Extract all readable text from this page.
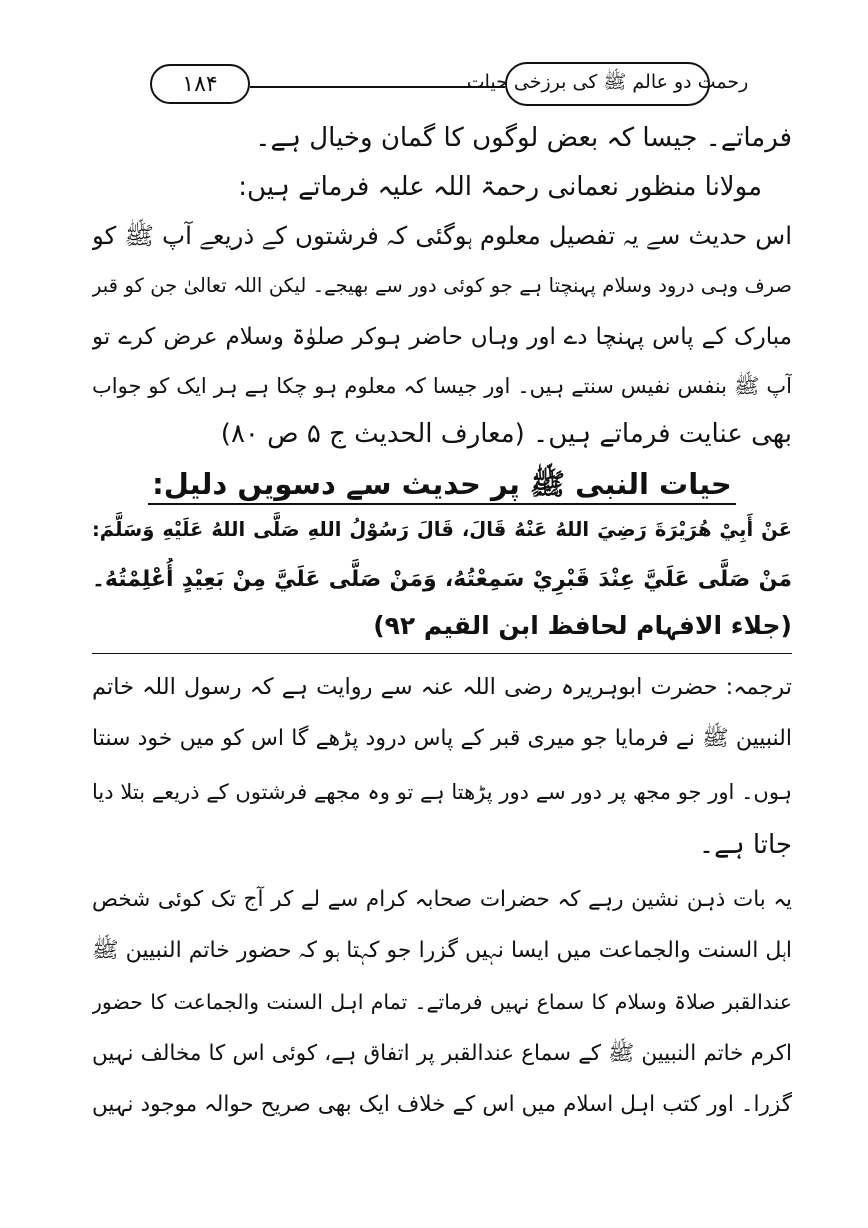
۱۸۴	رحمت دو عالم ﷺ کی برزخی حیات
فرماتے۔ جیسا کہ بعض لوگوں کا گمان وخیال ہے۔
مولانا منظور نعمانی رحمۃ اللہ علیہ فرماتے ہیں:
اس حدیث سے یہ تفصیل معلوم ہوگئی کہ فرشتوں کے ذریعے آپ ﷺ کو
صرف وہی درود وسلام پہنچتا ہے جو کوئی دور سے بھیجے۔ لیکن اللہ تعالیٰ جن کو قبر
مبارک کے پاس پہنچا دے اور وہاں حاضر ہوکر صلوٰۃ وسلام عرض کرے تو
آپ ﷺ بنفس نفیس سنتے ہیں۔ اور جیسا کہ معلوم ہو چکا ہے ہر ایک کو جواب
بھی عنایت فرماتے ہیں۔ (معارف الحدیث ج ۵ ص ۸۰)
حیات النبی ﷺ پر حدیث سے دسویں دلیل:
عَنْ أَبِيْ هُرَيْرَةَ رَضِيَ اللهُ عَنْهُ قَالَ، قَالَ رَسُوْلُ اللهِ صَلَّى اللهُ عَلَيْهِ وَسَلَّمَ:
مَنْ صَلَّى عَلَيَّ عِنْدَ قَبْرِيْ سَمِعْتُهُ، وَمَنْ صَلَّى عَلَيَّ مِنْ بَعِيْدٍ أُعْلِمْتُهُ۔
(جلاء الافہام لحافظ ابن القیم ۹۲)
ترجمہ: حضرت ابوہریرہ رضی اللہ عنہ سے روایت ہے کہ رسول اللہ خاتم
النبیین ﷺ نے فرمایا جو میری قبر کے پاس درود پڑھے گا اس کو میں خود سنتا
ہوں۔ اور جو مجھ پر دور سے دور پڑھتا ہے تو وہ مجھے فرشتوں کے ذریعے بتلا دیا
جاتا ہے۔
یہ بات ذہن نشین رہے کہ حضرات صحابہ کرام سے لے کر آج تک کوئی شخص
اہل السنت والجماعت میں ایسا نہیں گزرا جو کہتا ہو کہ حضور خاتم النبیین ﷺ
عندالقبر صلاۃ وسلام کا سماع نہیں فرماتے۔ تمام اہل السنت والجماعت کا حضور
اکرم خاتم النبیین ﷺ کے سماع عندالقبر پر اتفاق ہے، کوئی اس کا مخالف نہیں
گزرا۔ اور کتب اہل اسلام میں اس کے خلاف ایک بھی صریح حوالہ موجود نہیں
